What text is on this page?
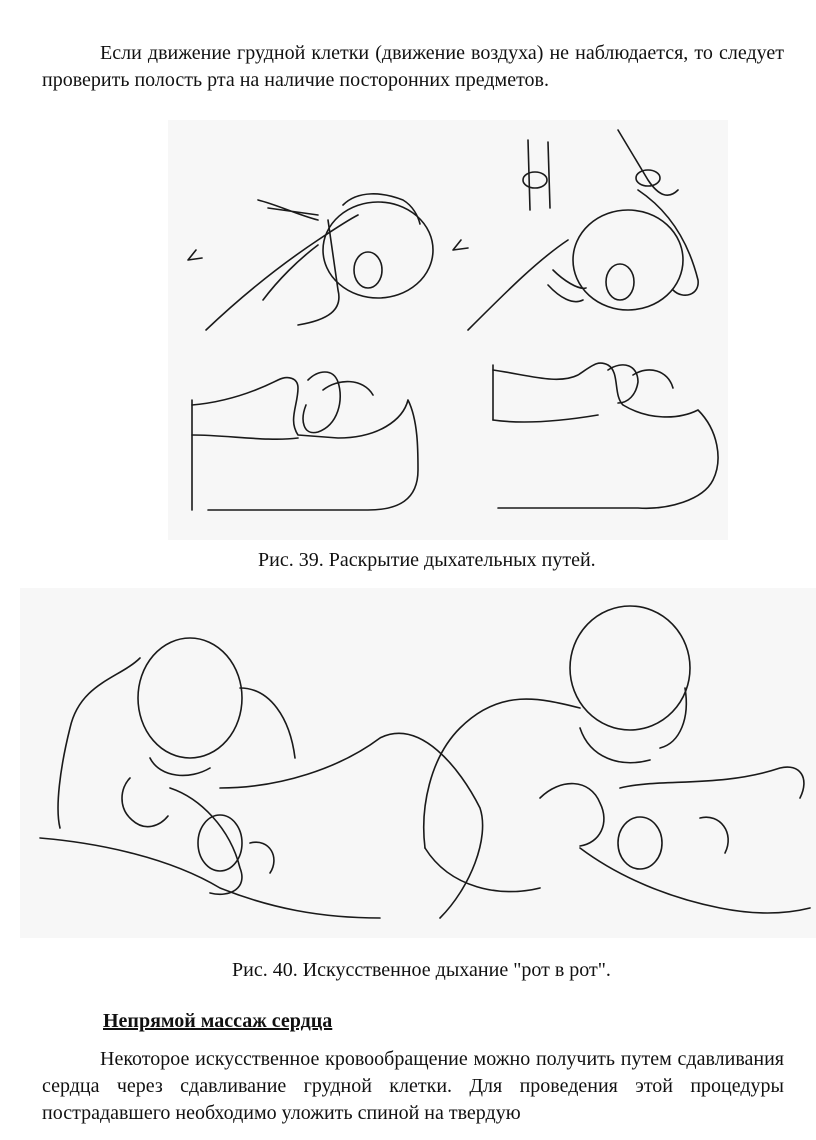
Если движение грудной клетки (движение воздуха) не наблюдается, то следует проверить полость рта на наличие посторонних предметов.

Рис. 39. Раскрытие дыхательных путей.

Рис. 40. Искусственное дыхание "рот в рот".

Непрямой массаж сердца

Некоторое искусственное кровообращение можно получить путем сдавливания сердца через сдавливание грудной клетки. Для проведения этой процедуры пострадавшего необходимо уложить спиной на твердую
